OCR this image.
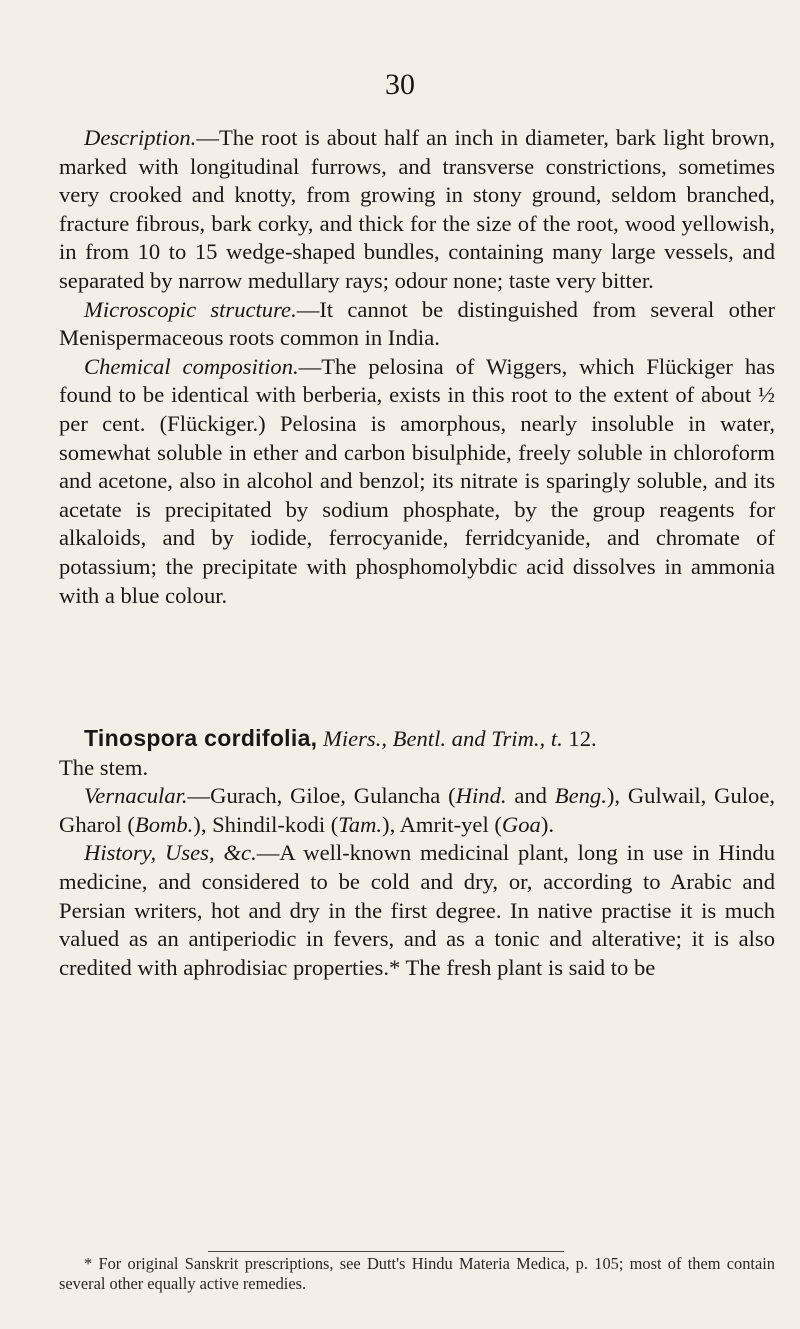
30

Description.—The root is about half an inch in diameter, bark light brown, marked with longitudinal furrows, and transverse constrictions, sometimes very crooked and knotty, from growing in stony ground, seldom branched, fracture fibrous, bark corky, and thick for the size of the root, wood yellowish, in from 10 to 15 wedge-shaped bundles, containing many large vessels, and separated by narrow medullary rays; odour none; taste very bitter.

Microscopic structure.—It cannot be distinguished from several other Menispermaceous roots common in India.

Chemical composition.—The pelosina of Wiggers, which Flückiger has found to be identical with berberia, exists in this root to the extent of about ½ per cent. (Flückiger.) Pelosina is amorphous, nearly insoluble in water, somewhat soluble in ether and carbon bisulphide, freely soluble in chloroform and acetone, also in alcohol and benzol; its nitrate is sparingly soluble, and its acetate is precipitated by sodium phosphate, by the group reagents for alkaloids, and by iodide, ferrocyanide, ferridcyanide, and chromate of potassium; the precipitate with phosphomolybdic acid dissolves in ammonia with a blue colour.

Tinospora cordifolia, Miers., Bentl. and Trim., t. 12.

The stem.

Vernacular.—Gurach, Giloe, Gulancha (Hind. and Beng.), Gulwail, Guloe, Gharol (Bomb.), Shindil-kodi (Tam.), Amrit-yel (Goa).

History, Uses, &c.—A well-known medicinal plant, long in use in Hindu medicine, and considered to be cold and dry, or, according to Arabic and Persian writers, hot and dry in the first degree. In native practise it is much valued as an antiperiodic in fevers, and as a tonic and alterative; it is also credited with aphrodisiac properties.* The fresh plant is said to be

* For original Sanskrit prescriptions, see Dutt's Hindu Materia Medica, p. 105; most of them contain several other equally active remedies.
